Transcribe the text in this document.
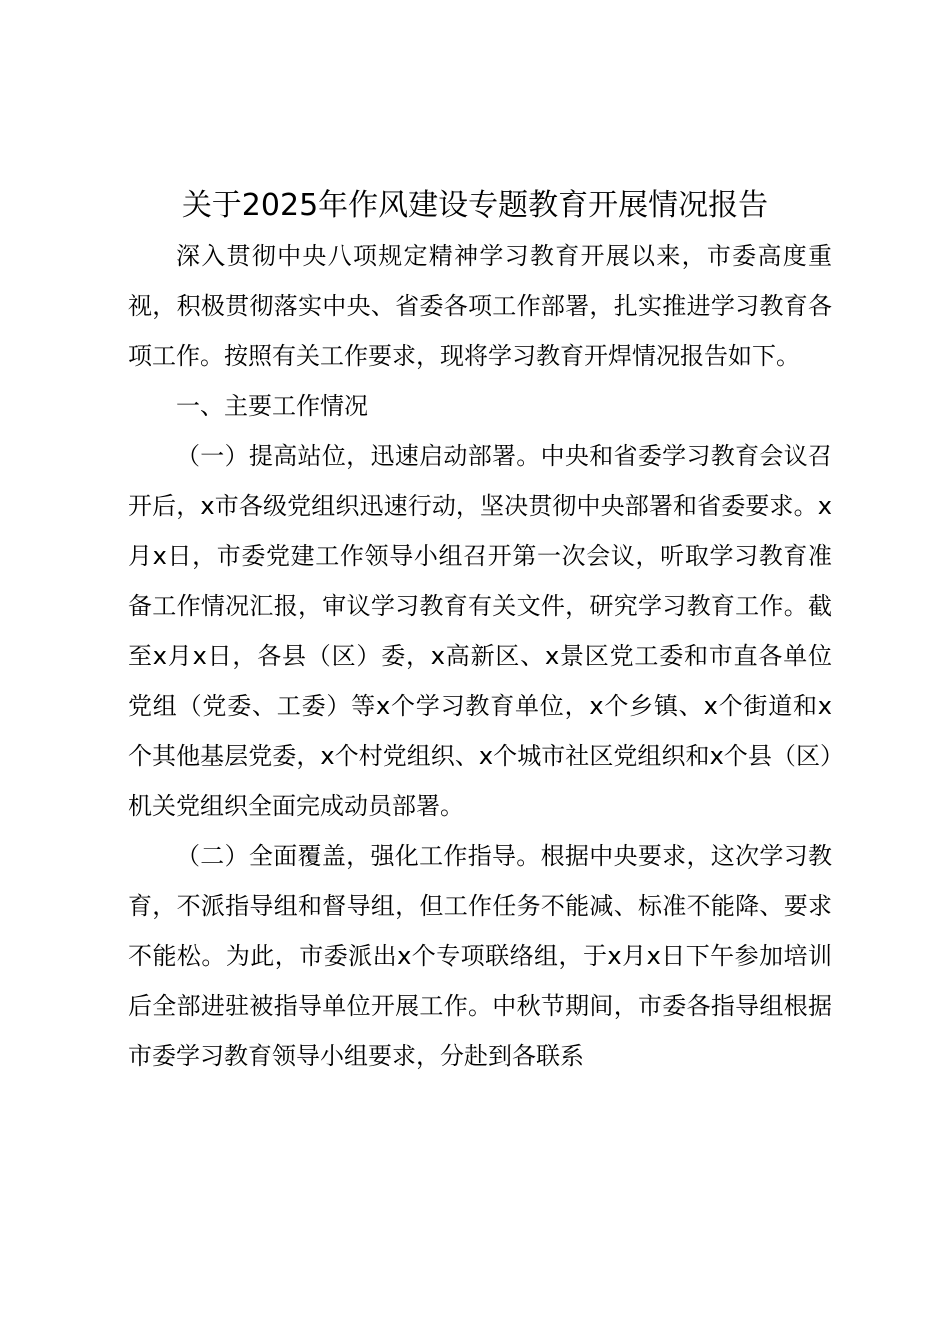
关于2025年作风建设专题教育开展情况报告

深入贯彻中央八项规定精神学习教育开展以来，市委高度重视，积极贯彻落实中央、省委各项工作部署，扎实推进学习教育各项工作。按照有关工作要求，现将学习教育开焊情况报告如下。

一、主要工作情况

（一）提高站位，迅速启动部署。中央和省委学习教育会议召开后，x市各级党组织迅速行动，坚决贯彻中央部署和省委要求。x月x日，市委党建工作领导小组召开第一次会议，听取学习教育准备工作情况汇报，审议学习教育有关文件，研究学习教育工作。截至x月x日，各县（区）委，x高新区、x景区党工委和市直各单位党组（党委、工委）等x个学习教育单位，x个乡镇、x个街道和x个其他基层党委，x个村党组织、x个城市社区党组织和x个县（区）机关党组织全面完成动员部署。

（二）全面覆盖，强化工作指导。根据中央要求，这次学习教育，不派指导组和督导组，但工作任务不能减、标准不能降、要求不能松。为此，市委派出x个专项联络组，于x月x日下午参加培训后全部进驻被指导单位开展工作。中秋节期间，市委各指导组根据市委学习教育领导小组要求，分赴到各联系
